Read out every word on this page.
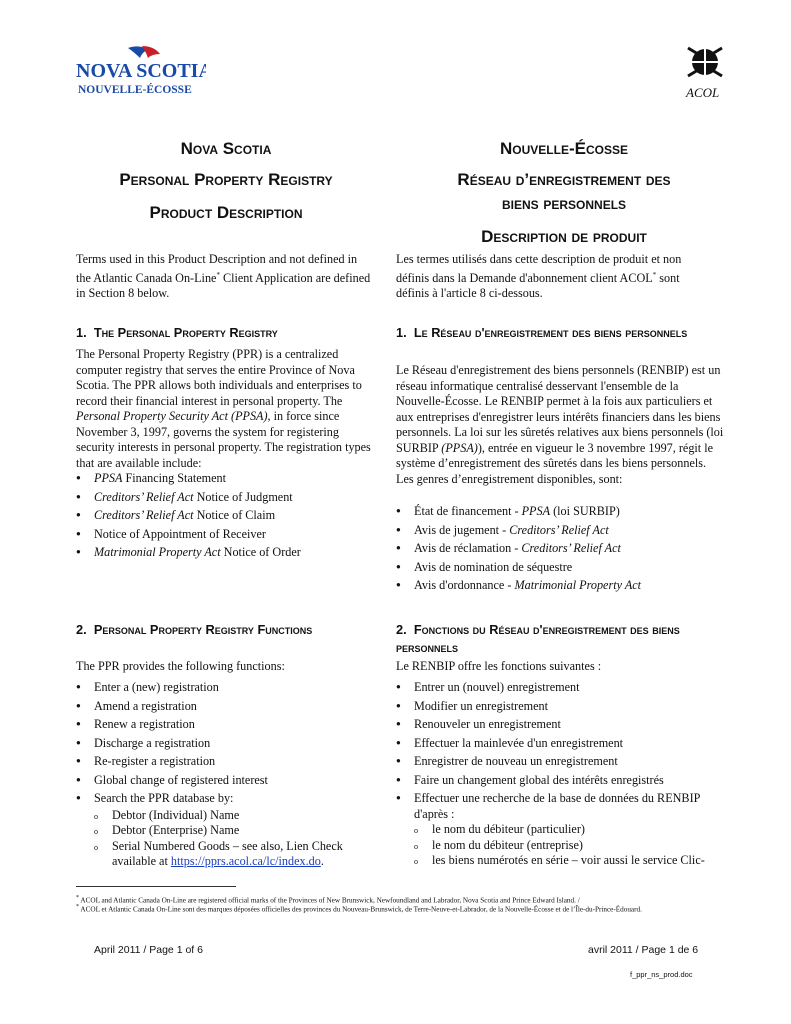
NOVA SCOTIA
NOUVELLE-ÉCOSSE	ACOL
Nova Scotia
Personal Property Registry
Product Description
Nouvelle-Écosse
Réseau d’enregistrement des
biens personnels
Description de produit
Terms used in this Product Description and not defined in the Atlantic Canada On-Line* Client Application are defined in Section 8 below.
Les termes utilisés dans cette description de produit et non définis dans la Demande d'abonnement client ACOL* sont définis à l'article 8 ci-dessous.
1. The Personal Property Registry
The Personal Property Registry (PPR) is a centralized computer registry that serves the entire Province of Nova Scotia. The PPR allows both individuals and enterprises to record their financial interest in personal property. The Personal Property Security Act (PPSA), in force since November 3, 1997, governs the system for registering security interests in personal property. The registration types that are available include:
● PPSA Financing Statement
● Creditors’ Relief Act Notice of Judgment
● Creditors’ Relief Act Notice of Claim
● Notice of Appointment of Receiver
● Matrimonial Property Act Notice of Order
1. Le Réseau d'enregistrement des biens personnels
Le Réseau d'enregistrement des biens personnels (RENBIP) est un réseau informatique centralisé desservant l'ensemble de la Nouvelle-Écosse. Le RENBIP permet à la fois aux particuliers et aux entreprises d'enregistrer leurs intérêts financiers dans les biens personnels. La loi sur les sûretés relatives aux biens personnels (loi SURBIP (PPSA)), entrée en vigueur le 3 novembre 1997, régit le système d’enregistrement des sûretés dans les biens personnels. Les genres d’enregistrement disponibles, sont:
● État de financement - PPSA (loi SURBIP)
● Avis de jugement - Creditors’ Relief Act
● Avis de réclamation - Creditors’ Relief Act
● Avis de nomination de séquestre
● Avis d'ordonnance - Matrimonial Property Act
2. Personal Property Registry Functions
The PPR provides the following functions:
● Enter a (new) registration
● Amend a registration
● Renew a registration
● Discharge a registration
● Re-register a registration
● Global change of registered interest
● Search the PPR database by:
o Debtor (Individual) Name
o Debtor (Enterprise) Name
o Serial Numbered Goods – see also, Lien Check available at https://pprs.acol.ca/lc/index.do.
2. Fonctions du Réseau d'enregistrement des biens personnels
Le RENBIP offre les fonctions suivantes :
● Entrer un (nouvel) enregistrement
● Modifier un enregistrement
● Renouveler un enregistrement
● Effectuer la mainlevée d'un enregistrement
● Enregistrer de nouveau un enregistrement
● Faire un changement global des intérêts enregistrés
● Effectuer une recherche de la base de données du RENBIP d'après :
o le nom du débiteur (particulier)
o le nom du débiteur (entreprise)
o les biens numérotés en série – voir aussi le service Clic-
* ACOL and Atlantic Canada On-Line are registered official marks of the Provinces of New Brunswick, Newfoundland and Labrador, Nova Scotia and Prince Edward Island. /
* ACOL et Atlantic Canada On-Line sont des marques déposées officielles des provinces du Nouveau-Brunswick, de Terre-Neuve-et-Labrador, de la Nouvelle-Écosse et de l’Île-du-Prince-Édouard.
April 2011 / Page 1 of 6	avril 2011 / Page 1 de 6
f_ppr_ns_prod.doc
